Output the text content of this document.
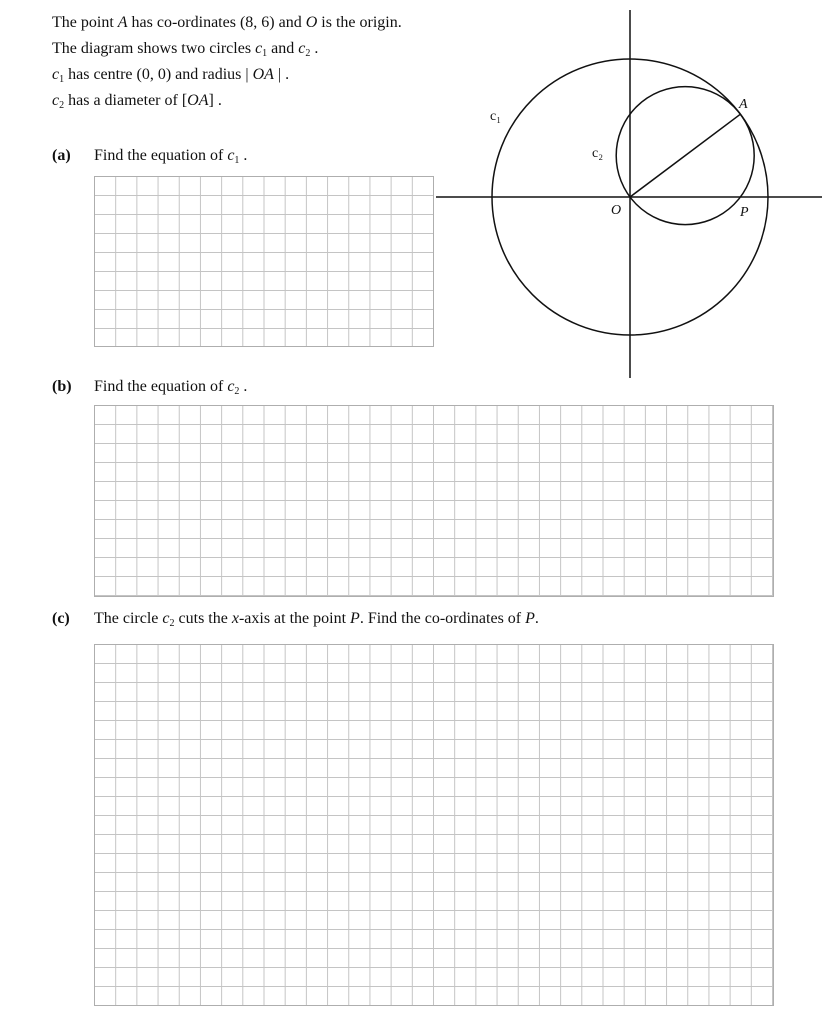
The point A has co-ordinates (8, 6) and O is the origin.
The diagram shows two circles $c_1$ and $c_2$ .
$c_1$ has centre (0, 0) and radius | OA | .
$c_2$ has a diameter of [OA] .
(a) Find the equation of $c_1$ .
(b) Find the equation of $c_2$ .
(c) The circle $c_2$ cuts the x-axis at the point P. Find the co-ordinates of P.
c₁
c₂
A
O	P
